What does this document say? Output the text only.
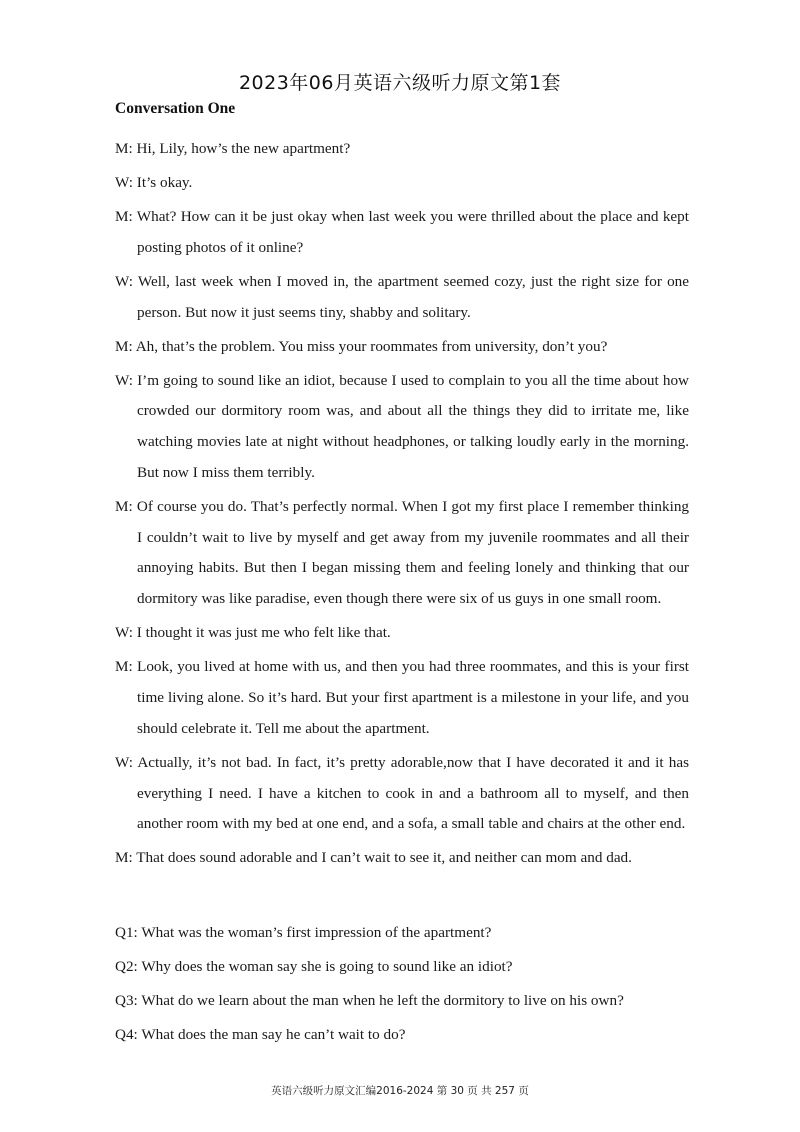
2023年06月英语六级听力原文第1套
Conversation One
M: Hi, Lily, how’s the new apartment?
W: It’s okay.
M: What? How can it be just okay when last week you were thrilled about the place and kept posting photos of it online?
W: Well, last week when I moved in, the apartment seemed cozy, just the right size for one person. But now it just seems tiny, shabby and solitary.
M: Ah, that’s the problem. You miss your roommates from university, don’t you?
W: I’m going to sound like an idiot, because I used to complain to you all the time about how crowded our dormitory room was, and about all the things they did to irritate me, like watching movies late at night without headphones, or talking loudly early in the morning. But now I miss them terribly.
M: Of course you do. That’s perfectly normal. When I got my first place I remember thinking I couldn’t wait to live by myself and get away from my juvenile roommates and all their annoying habits. But then I began missing them and feeling lonely and thinking that our dormitory was like paradise, even though there were six of us guys in one small room.
W: I thought it was just me who felt like that.
M: Look, you lived at home with us, and then you had three roommates, and this is your first time living alone. So it’s hard. But your first apartment is a milestone in your life, and you should celebrate it. Tell me about the apartment.
W: Actually, it’s not bad. In fact, it’s pretty adorable,now that I have decorated it and it has everything I need. I have a kitchen to cook in and a bathroom all to myself, and then another room with my bed at one end, and a sofa, a small table and chairs at the other end.
M: That does sound adorable and I can’t wait to see it, and neither can mom and dad.
Q1: What was the woman’s first impression of the apartment?
Q2: Why does the woman say she is going to sound like an idiot?
Q3: What do we learn about the man when he left the dormitory to live on his own?
Q4: What does the man say he can’t wait to do?
英语六级听力原文汇编2016-2024 第 30 页 共 257 页
